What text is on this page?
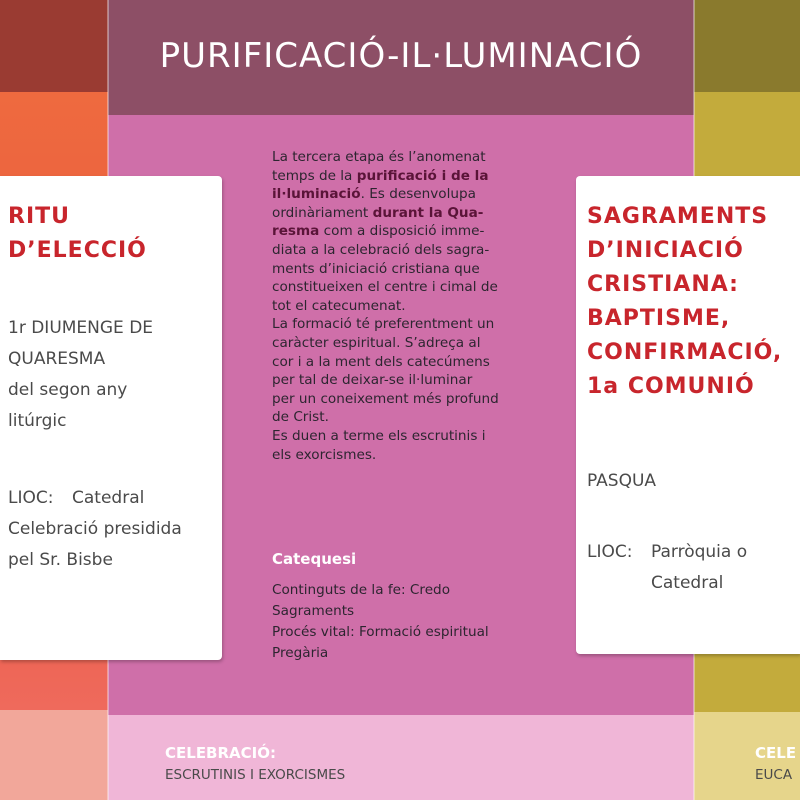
PURIFICACIÓ-IL·LUMINACIÓ
RITU
D’ELECCIÓ
1r DIUMENGE DE
QUARESMA
del segon any
litúrgic
LIOC: Catedral
Celebració presidida
pel Sr. Bisbe
La tercera etapa és l’anomenat
temps de la purificació i de la
il·luminació. Es desenvolupa
ordinàriament durant la Qua-
resma com a disposició imme-
diata a la celebració dels sagra-
ments d’iniciació cristiana que
constitueixen el centre i cimal de
tot el catecumenat.
La formació té preferentment un
caràcter espiritual. S’adreça al
cor i a la ment dels catecúmens
per tal de deixar-se il·luminar
per un coneixement més profund
de Crist.
Es duen a terme els escrutinis i
els exorcismes.
Catequesi
Continguts de la fe: Credo
Sagraments
Procés vital: Formació espiritual
Pregària
CELEBRACIÓ:
ESCRUTINIS I EXORCISMES
SAGRAMENTS
D’INICIACIÓ
CRISTIANA:
BAPTISME,
CONFIRMACIÓ,
1a COMUNIÓ
PASQUA
LIOC: Parròquia o
Catedral
CELE
EUCA
